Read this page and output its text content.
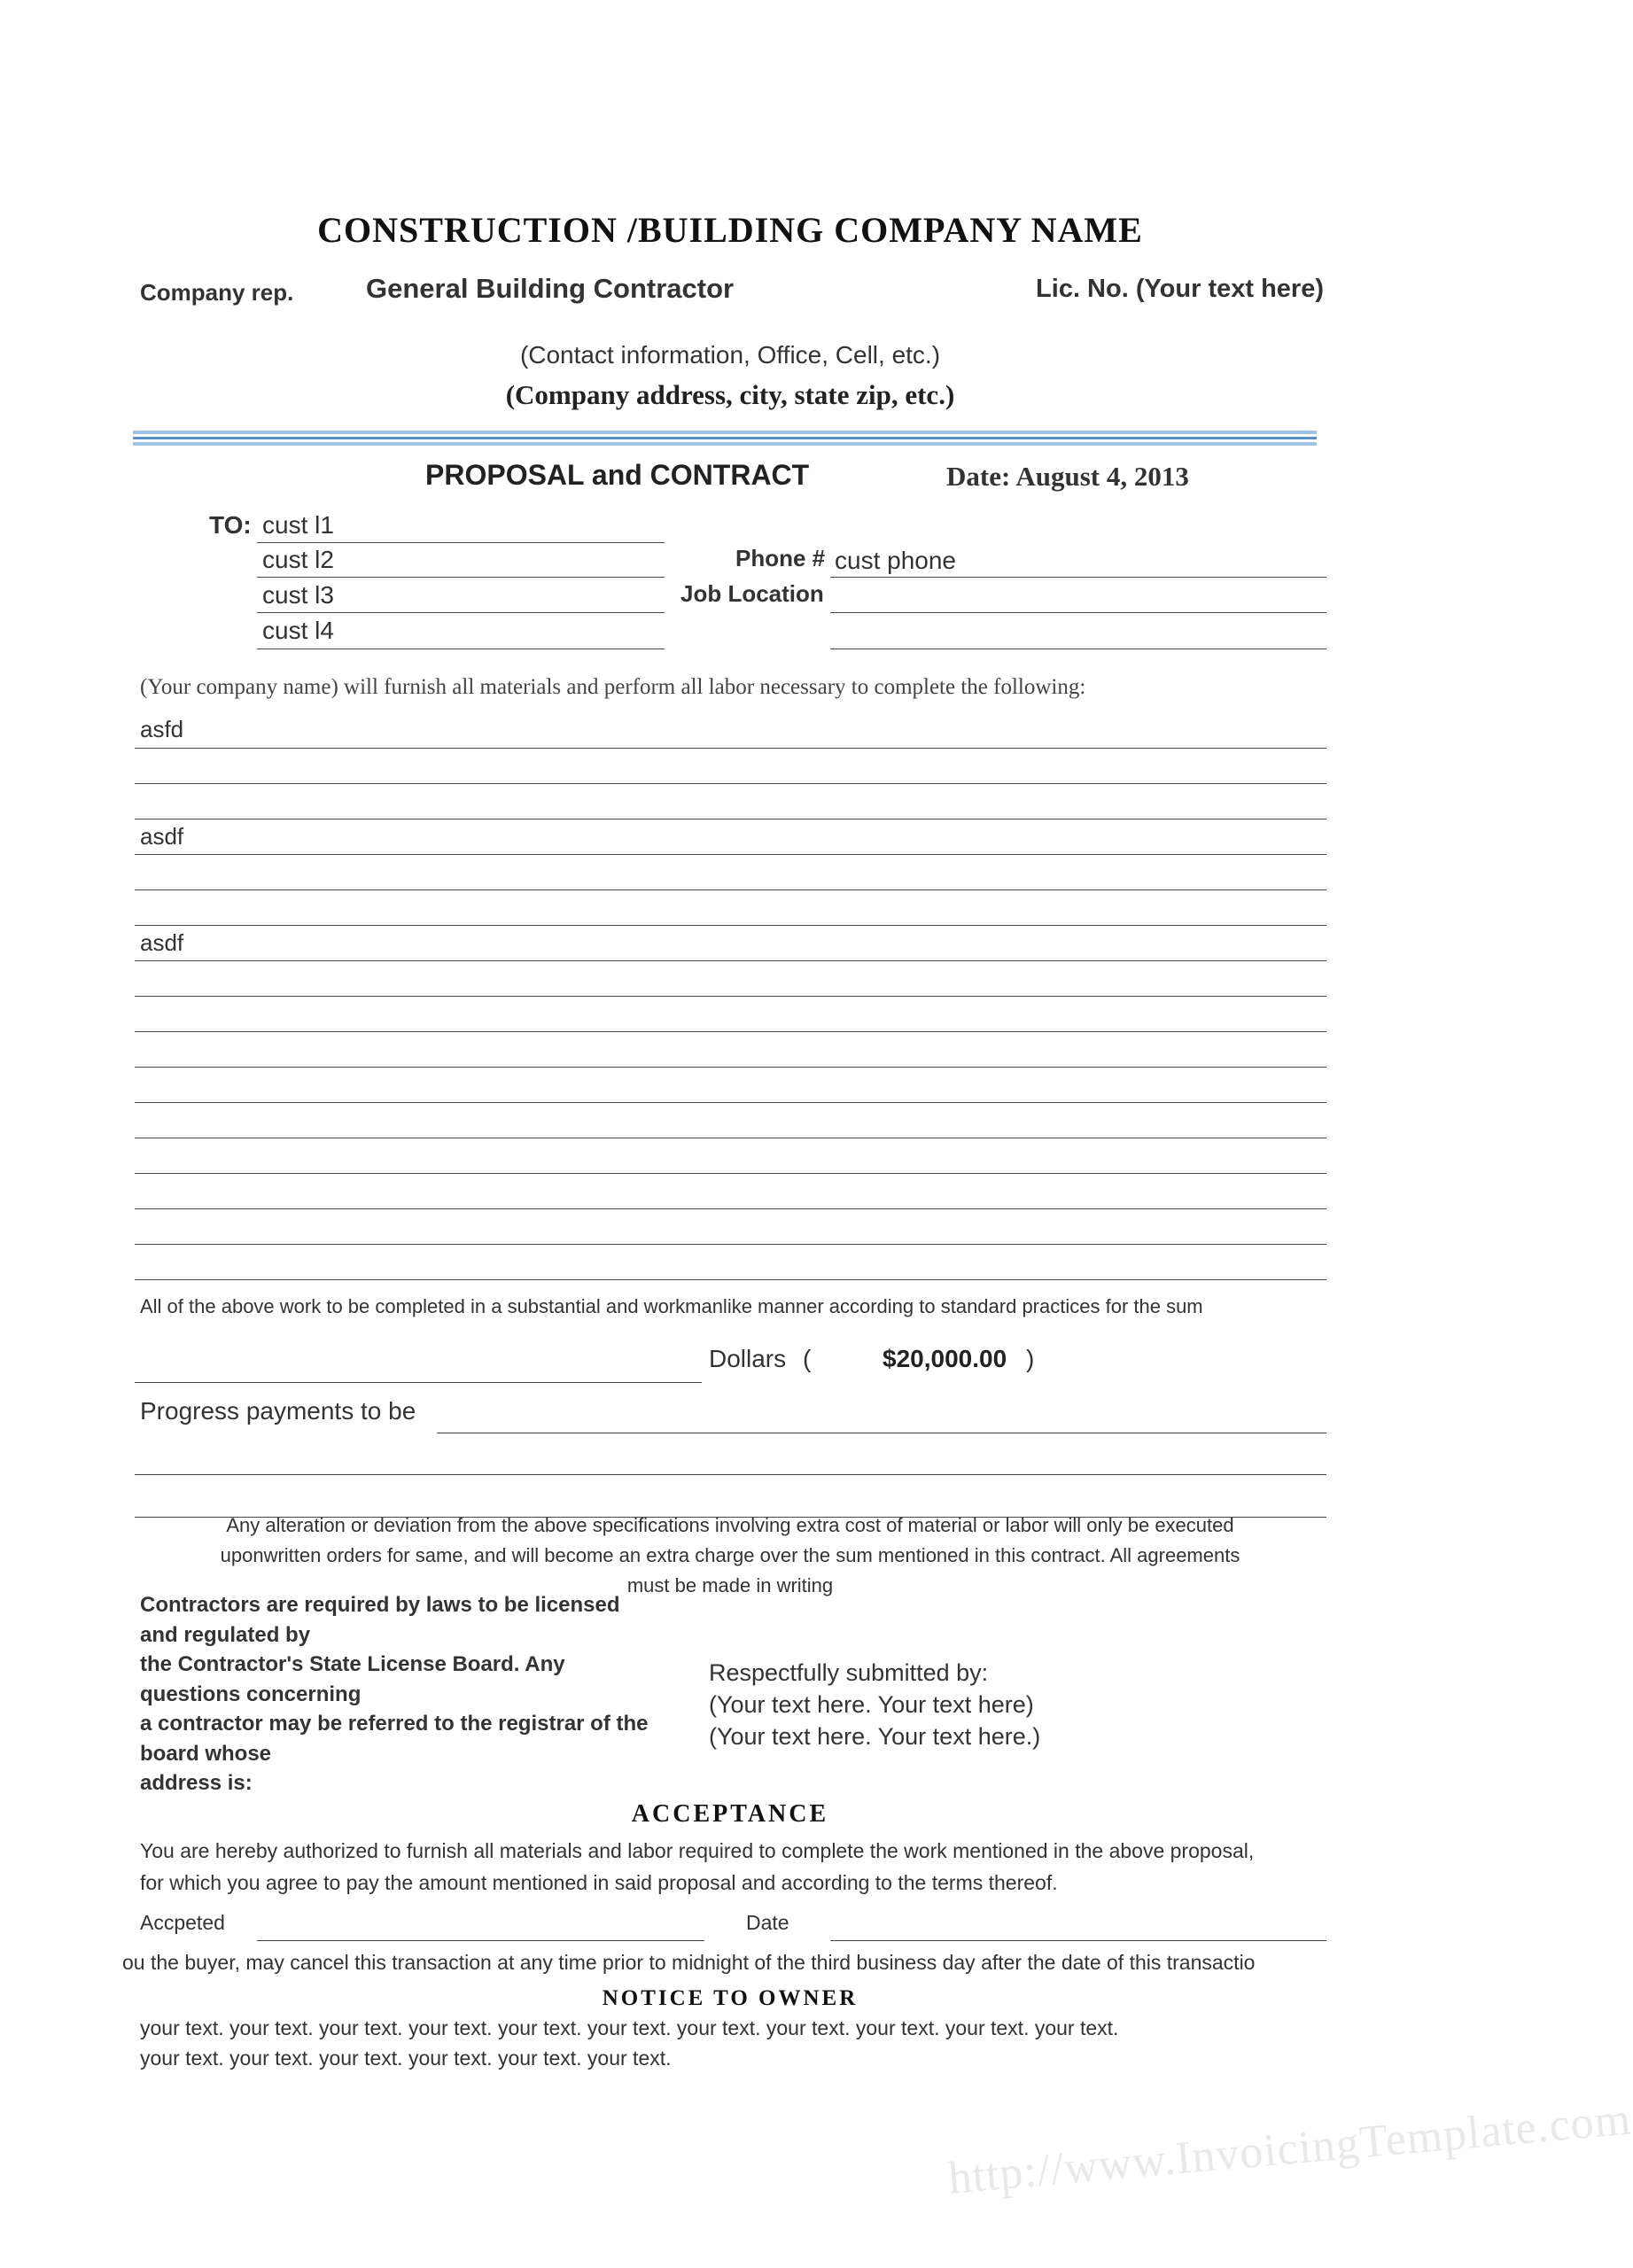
CONSTRUCTION /BUILDING COMPANY NAME
Company rep.	General Building Contractor	Lic. No. (Your text here)
(Contact information, Office, Cell, etc.)
(Company address, city, state zip, etc.)
PROPOSAL and CONTRACT	Date: August 4, 2013
TO: cust l1
cust l2
cust l3
cust l4
Phone # cust phone
Job Location
(Your company name) will furnish all materials and perform all labor necessary to complete the following:
asfd
asdf
asdf
All of the above work to be completed in a substantial and workmanlike manner according to standard practices for the sum
Dollars (	$20,000.00 )
Progress payments to be
Any alteration or deviation from the above specifications involving extra cost of material or labor will only be executed
uponwritten orders for same, and will become an extra charge over the sum mentioned in this contract. All agreements
must be made in writing
Contractors are required by laws to be licensed
and regulated by
the Contractor's State License Board. Any
questions concerning
a contractor may be referred to the registrar of the
board whose
address is:
Respectfully submitted by:
(Your text here. Your text here)
(Your text here. Your text here.)
ACCEPTANCE
You are hereby authorized to furnish all materials and labor required to complete the work mentioned in the above proposal,
for which you agree to pay the amount mentioned in said proposal and according to the terms thereof.
Accpeted	Date
ou the buyer, may cancel this transaction at any time prior to midnight of the third business day after the date of this transactio
NOTICE TO OWNER
your text. your text. your text. your text. your text. your text. your text. your text. your text. your text. your text.
your text. your text. your text. your text. your text. your text.
http://www.InvoicingTemplate.com
